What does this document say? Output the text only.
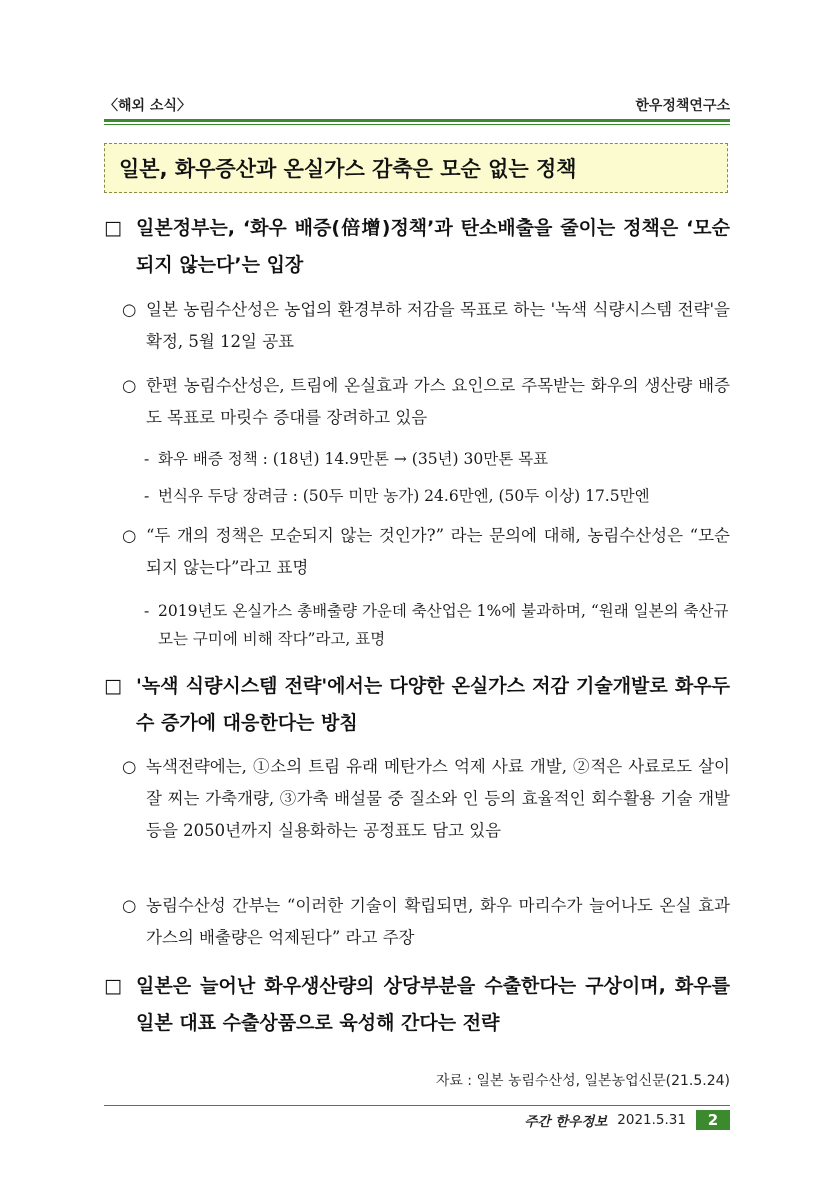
〈해외 소식〉	한우정책연구소
일본, 화우증산과 온실가스 감축은 모순 없는 정책
□ 일본정부는, ‘화우 배증(倍增)정책’과 탄소배출을 줄이는 정책은 ‘모순되지 않는다’는 입장
○ 일본 농림수산성은 농업의 환경부하 저감을 목표로 하는 '녹색 식량시스템 전략'을 확정, 5월 12일 공표
○ 한편 농림수산성은, 트림에 온실효과 가스 요인으로 주목받는 화우의 생산량 배증도 목표로 마릿수 증대를 장려하고 있음
- 화우 배증 정책 : (18년) 14.9만톤 → (35년) 30만톤 목표
- 번식우 두당 장려금 : (50두 미만 농가) 24.6만엔, (50두 이상) 17.5만엔
○ “두 개의 정책은 모순되지 않는 것인가?” 라는 문의에 대해, 농림수산성은 “모순되지 않는다”라고 표명
- 2019년도 온실가스 총배출량 가운데 축산업은 1%에 불과하며, “원래 일본의 축산규모는 구미에 비해 작다”라고, 표명
□ '녹색 식량시스템 전략'에서는 다양한 온실가스 저감 기술개발로 화우두수 증가에 대응한다는 방침
○ 녹색전략에는, ①소의 트림 유래 메탄가스 억제 사료 개발, ②적은 사료로도 살이 잘 찌는 가축개량, ③가축 배설물 중 질소와 인 등의 효율적인 회수활용 기술 개발 등을 2050년까지 실용화하는 공정표도 담고 있음
○ 농림수산성 간부는 “이러한 기술이 확립되면, 화우 마리수가 늘어나도 온실 효과 가스의 배출량은 억제된다” 라고 주장
□ 일본은 늘어난 화우생산량의 상당부분을 수출한다는 구상이며, 화우를 일본 대표 수출상품으로 육성해 간다는 전략
자료 : 일본 농림수산성, 일본농업신문(21.5.24)
주간 한우정보 2021.5.31	2
